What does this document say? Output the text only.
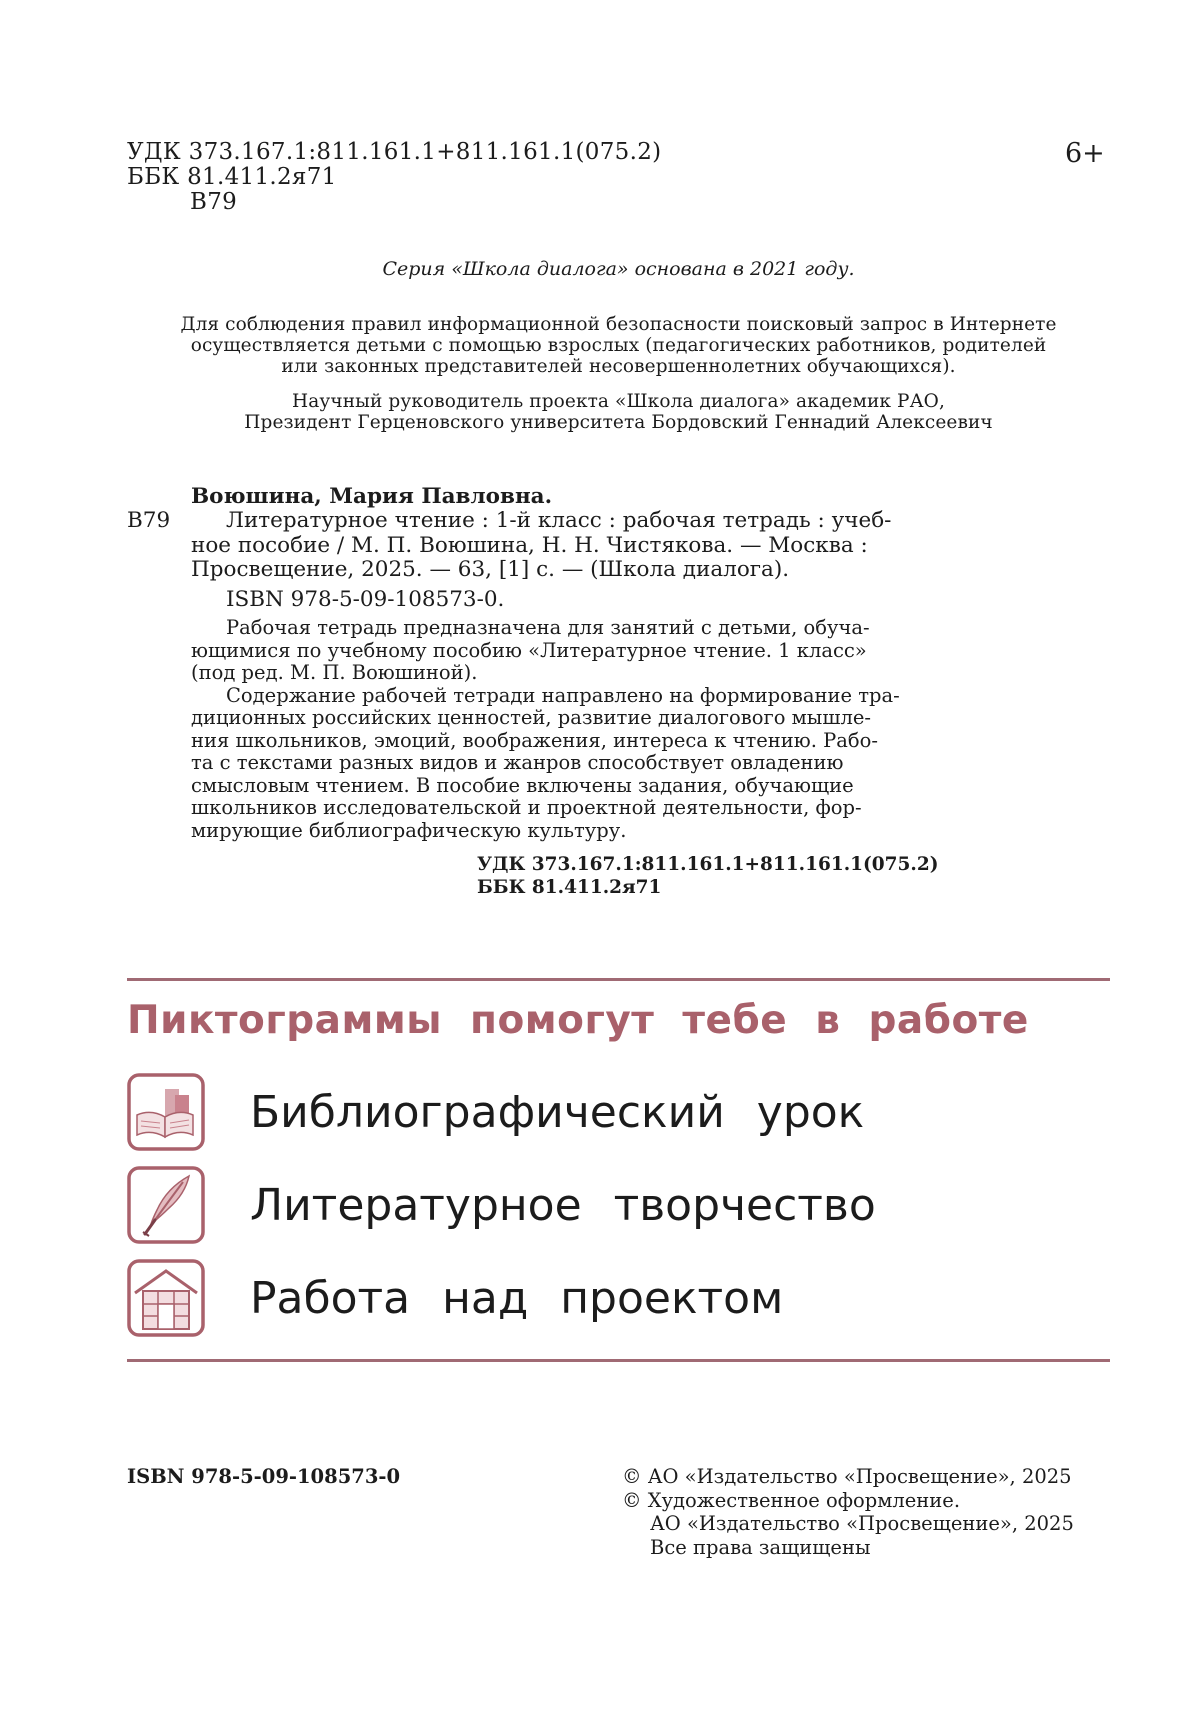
УДК 373.167.1:811.161.1+811.161.1(075.2)
ББК 81.411.2я71
В79
6+
Серия «Школа диалога» основана в 2021 году.
Для соблюдения правил информационной безопасности поисковый запрос в Интернете
осуществляется детьми с помощью взрослых (педагогических работников, родителей
или законных представителей несовершеннолетних обучающихся).
Научный руководитель проекта «Школа диалога» академик РАО,
Президент Герценовского университета Бордовский Геннадий Алексеевич
Воюшина, Мария Павловна.
В79	Литературное чтение : 1-й класс : рабочая тетрадь : учеб-
ное пособие / М. П. Воюшина, Н. Н. Чистякова. — Москва :
Просвещение, 2025. — 63, [1] с. — (Школа диалога).
ISBN 978-5-09-108573-0.
Рабочая тетрадь предназначена для занятий с детьми, обуча-
ющимися по учебному пособию «Литературное чтение. 1 класс»
(под ред. М. П. Воюшиной).
Содержание рабочей тетради направлено на формирование тра-
диционных российских ценностей, развитие диалогового мышле-
ния школьников, эмоций, воображения, интереса к чтению. Рабо-
та с текстами разных видов и жанров способствует овладению
смысловым чтением. В пособие включены задания, обучающие
школьников исследовательской и проектной деятельности, фор-
мирующие библиографическую культуру.
УДК 373.167.1:811.161.1+811.161.1(075.2)
ББК 81.411.2я71
Пиктограммы помогут тебе в работе
Библиографический урок
Литературное творчество
Работа над проектом
ISBN 978-5-09-108573-0	© АО «Издательство «Просвещение», 2025
© Художественное оформление.
АО «Издательство «Просвещение», 2025
Все права защищены
